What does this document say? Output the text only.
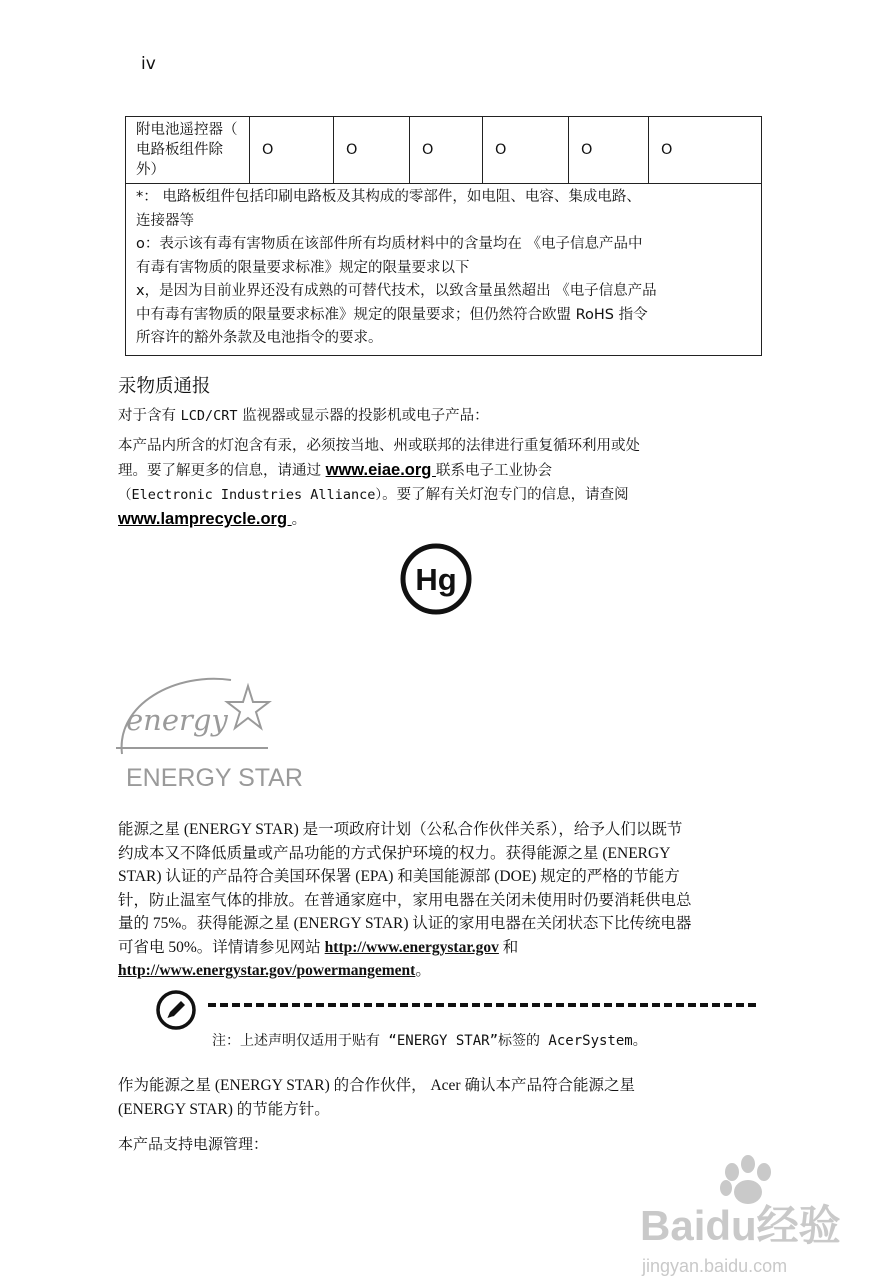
iv
附电池遥控器（
电路板组件除
外）
	O	O	O	O	O	O

*： 电路板组件包括印刷电路板及其构成的零部件，如电阻、电容、集成电路、
连接器等
o：表示该有毒有害物质在该部件所有均质材料中的含量均在 《电子信息产品中
有毒有害物质的限量要求标准》规定的限量要求以下
x，是因为目前业界还没有成熟的可替代技术，以致含量虽然超出 《电子信息产品
中有毒有害物质的限量要求标准》规定的限量要求；但仍然符合欧盟 RoHS 指令
所容许的豁外条款及电池指令的要求。
汞物质通报
对于含有 LCD/CRT 监视器或显示器的投影机或电子产品：
本产品内所含的灯泡含有汞，必须按当地、州或联邦的法律进行重复循环利用或处
理。要了解更多的信息，请通过 www.eiae.org 联系电子工业协会
（Electronic Industries Alliance）。要了解有关灯泡专门的信息，请查阅
www.lamprecycle.org 。
Hg
energy
ENERGY STAR
能源之星 (ENERGY STAR) 是一项政府计划（公私合作伙伴关系），给予人们以既节
约成本又不降低质量或产品功能的方式保护环境的权力。获得能源之星 (ENERGY
STAR) 认证的产品符合美国环保署 (EPA) 和美国能源部 (DOE) 规定的严格的节能方
针，防止温室气体的排放。在普通家庭中，家用电器在关闭未使用时仍要消耗供电总
量的 75%。获得能源之星 (ENERGY STAR) 认证的家用电器在关闭状态下比传统电器
可省电 50%。详情请参见网站 http://www.energystar.gov 和
http://www.energystar.gov/powermangement。
注：上述声明仅适用于贴有 “ENERGY STAR”标签的 AcerSystem。
作为能源之星 (ENERGY STAR) 的合作伙伴， Acer 确认本产品符合能源之星
(ENERGY STAR) 的节能方针。
本产品支持电源管理：
Baidu经验
jingyan.baidu.com
